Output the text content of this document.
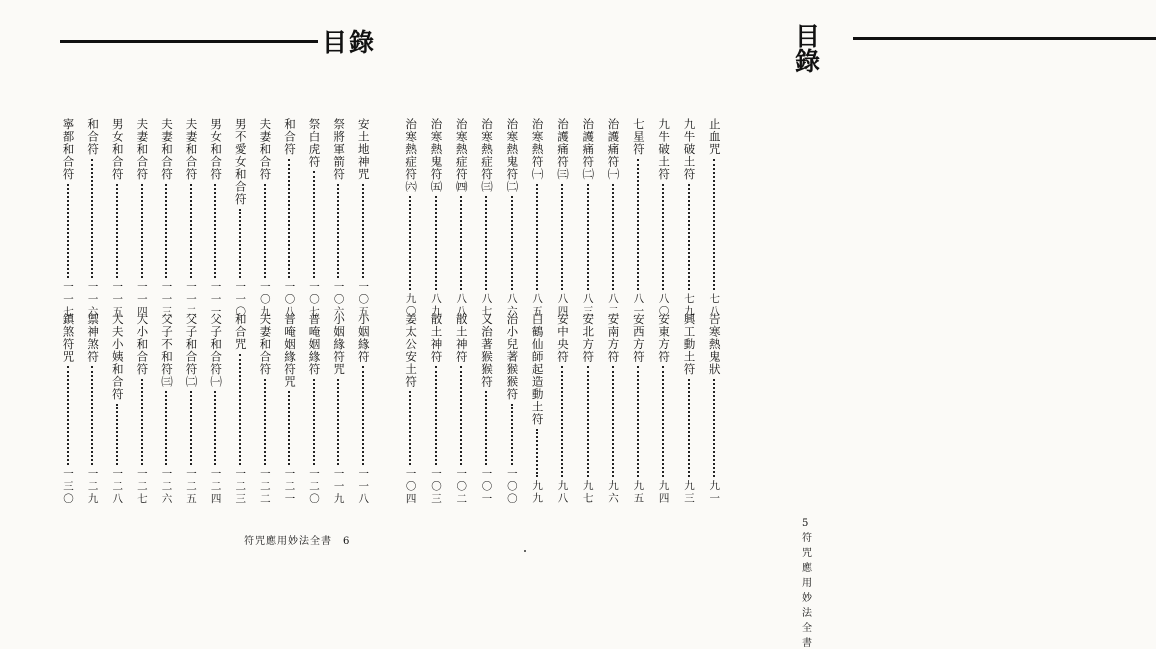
目錄
安土地神咒
一〇五
祭將軍箭符
一〇六
祭白虎符
一〇七
和合符
一〇八
夫妻和合符
一〇九
男不愛女和合符
一一〇
男女和合符
一一一
夫妻和合符
一一二
夫妻和合符
一一三
夫妻和合符
一一四
男女和合符
一一五
和合符
一一六
寧都和合符
一一七
小姻緣符
一一八
小姻緣符咒
一一九
普唵姻緣符
一二〇
普唵姻緣符咒
一二一
夫妻和合符
一二二
和合咒
一二三
父子和合符㈠
一二四
父子和合符㈡
一二五
父子不和符㈢
一二六
大小和合符
一二七
大夫小姨和合符
一二八
禦神煞符
一二九
鎮煞符咒
一三〇
符咒應用妙法全書　6
目錄
止血咒
七八
九牛破土符
七九
九牛破土符
八〇
七星符
八一
治護痛符㈠
八二
治護痛符㈡
八三
治護痛符㈢
八四
治寒熱符㈠
八五
治寒熱鬼符㈡
八六
治寒熱症符㈢
八七
治寒熱症符㈣
八八
治寒熱鬼符㈤
八九
治寒熱症符㈥
九〇
告寒熱鬼狀
九一
興工動土符
九三
安東方符
九四
安西方符
九五
安南方符
九六
安北方符
九七
安中央符
九八
白鶴仙師起造動土符
九九
治小兒著猴猴符
一〇〇
又治著猴猴符
一〇一
散土神符
一〇二
散土神符
一〇三
姜太公安土符
一〇四
5　符咒應用妙法全書
